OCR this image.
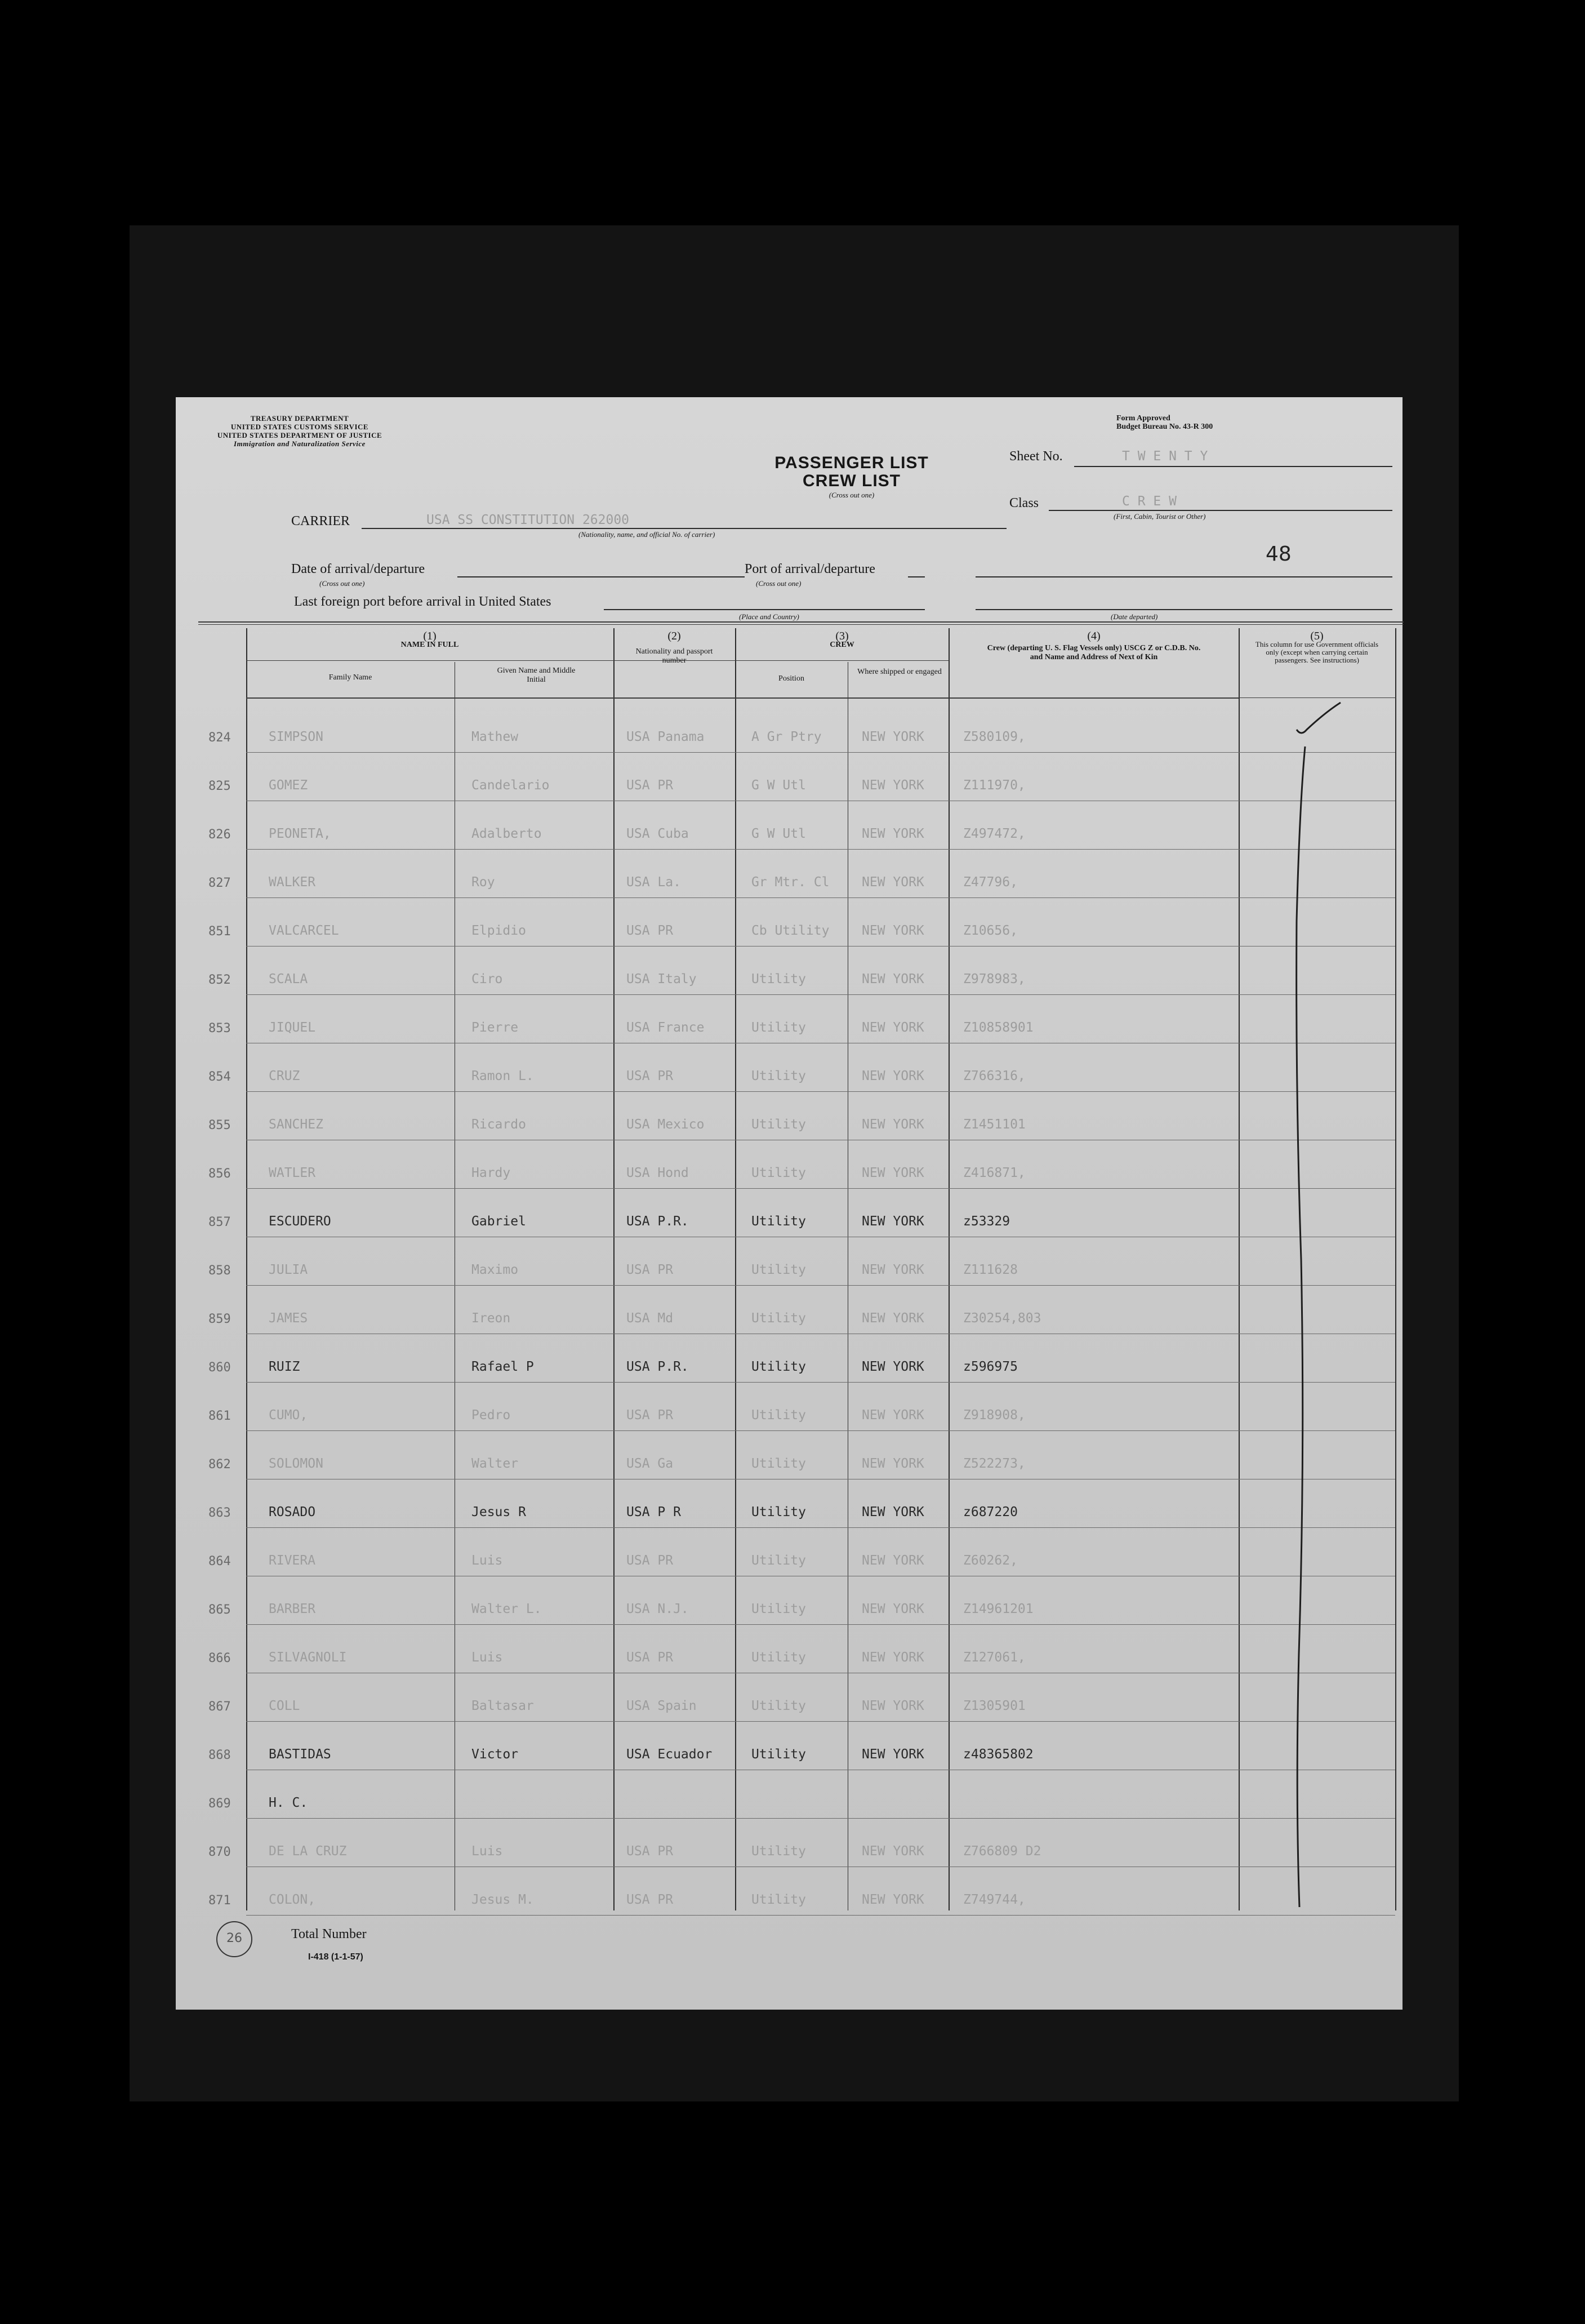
TREASURY DEPARTMENT
UNITED STATES CUSTOMS SERVICE
UNITED STATES DEPARTMENT OF JUSTICE
Immigration and Naturalization Service
Form Approved
Budget Bureau No. 43-R 300
PASSENGER LIST
CREW LIST
(Cross out one)
Sheet No.	T W E N T Y
Class	C R E W
(First, Cabin, Tourist or Other)
CARRIER	USA SS CONSTITUTION 262000
(Nationality, name, and official No. of carrier)
48
Date of arrival/departure
(Cross out one)
Port of arrival/departure
(Cross out one)
Last foreign port before arrival in United States
(Place and Country)	(Date departed)
(1)
NAME IN FULL
Family Name
Given Name and Middle Initial
(2)
Nationality and passport number
(3)
CREW
Position
Where shipped or engaged
(4)
Crew (departing U. S. Flag Vessels only) USCG Z or C.D.B. No. and Name and Address of Next of Kin
(5)
This column for use Government officials only (except when carrying certain passengers. See instructions)
824	SIMPSON	Mathew	USA Panama	A Gr Ptry	NEW YORK	Z580109,
825	GOMEZ	Candelario	USA PR	G W Utl	NEW YORK	Z111970,
826	PEONETA,	Adalberto	USA Cuba	G W Utl	NEW YORK	Z497472,
827	WALKER	Roy	USA La.	Gr Mtr. Cl	NEW YORK	Z47796,
851	VALCARCEL	Elpidio	USA PR	Cb Utility	NEW YORK	Z10656,
852	SCALA	Ciro	USA Italy	Utility	NEW YORK	Z978983,
853	JIQUEL	Pierre	USA France	Utility	NEW YORK	Z10858901
854	CRUZ	Ramon L.	USA PR	Utility	NEW YORK	Z766316,
855	SANCHEZ	Ricardo	USA Mexico	Utility	NEW YORK	Z1451101
856	WATLER	Hardy	USA Hond	Utility	NEW YORK	Z416871,
857	ESCUDERO	Gabriel	USA P.R.	Utility	NEW YORK	z53329
858	JULIA	Maximo	USA PR	Utility	NEW YORK	Z111628
859	JAMES	Ireon	USA Md	Utility	NEW YORK	Z30254,803
860	RUIZ	Rafael P	USA P.R.	Utility	NEW YORK	z596975
861	CUMO,	Pedro	USA PR	Utility	NEW YORK	Z918908,
862	SOLOMON	Walter	USA Ga	Utility	NEW YORK	Z522273,
863	ROSADO	Jesus R	USA P R	Utility	NEW YORK	z687220
864	RIVERA	Luis	USA PR	Utility	NEW YORK	Z60262,
865	BARBER	Walter L.	USA N.J.	Utility	NEW YORK	Z14961201
866	SILVAGNOLI	Luis	USA PR	Utility	NEW YORK	Z127061,
867	COLL	Baltasar	USA Spain	Utility	NEW YORK	Z1305901
868	BASTIDAS	Victor	USA Ecuador	Utility	NEW YORK	z48365802
869	H. C.
870	DE LA CRUZ	Luis	USA PR	Utility	NEW YORK	Z766809 D2
871	COLON,	Jesus M.	USA PR	Utility	NEW YORK	Z749744,
26	Total Number
I-418 (1-1-57)
